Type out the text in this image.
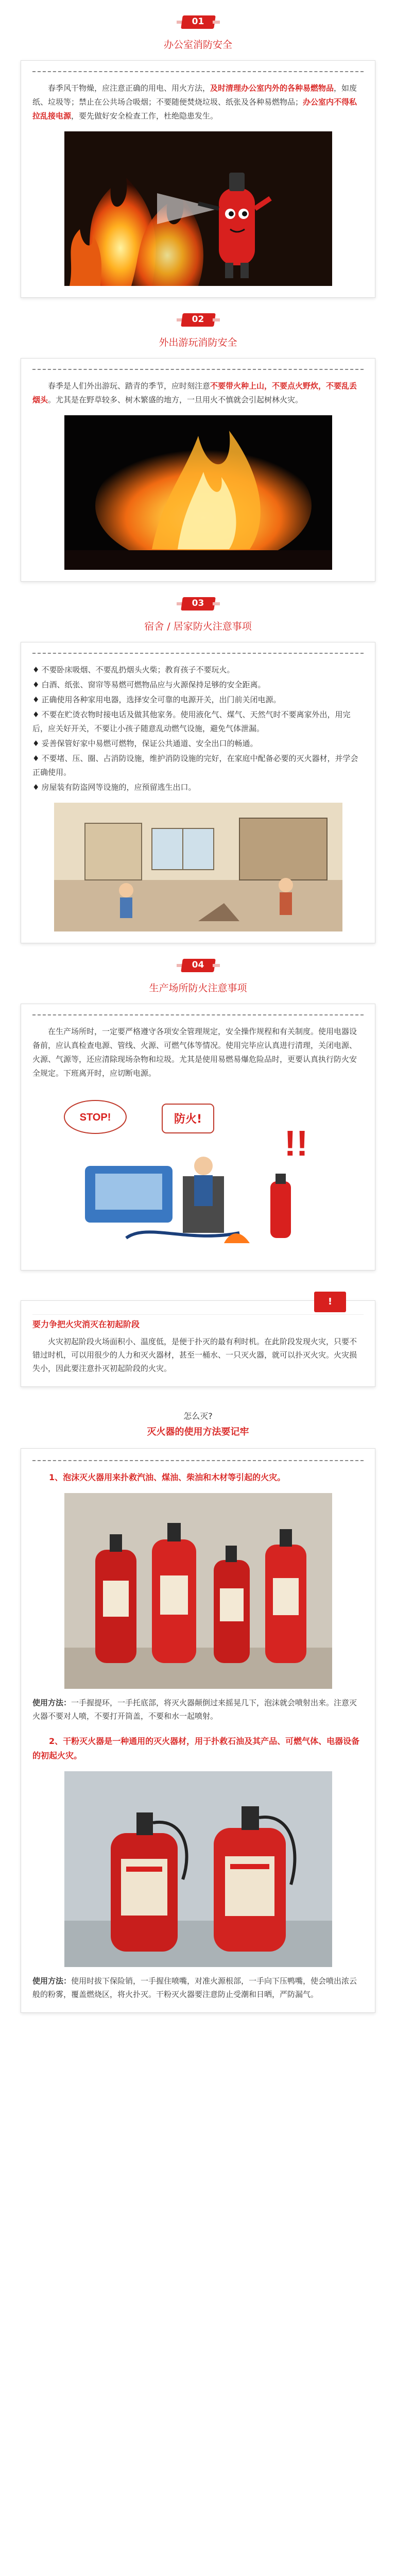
01
办公室消防安全

春季风干物燥，应注意正确的用电、用火方法，及时清理办公室内外的各种易燃物品，如废纸、垃圾等；禁止在公共场合吸烟；不要随便焚烧垃圾、纸张及各种易燃物品；办公室内不得私拉乱接电源，要先做好安全检查工作，杜绝隐患发生。

02
外出游玩消防安全

春季是人们外出游玩、踏青的季节，应时刻注意不要带火种上山，不要点火野炊，不要乱丢烟头。尤其是在野草较多、树木繁盛的地方，一旦用火不慎就会引起树林火灾。

03
宿舍 / 居家防火注意事项

♦ 不要卧床吸烟、不要乱扔烟头火柴；教育孩子不要玩火。

♦ 白酒、纸张、窗帘等易燃可燃物品应与火源保持足够的安全距离。

♦ 正确使用各种家用电器，选择安全可靠的电源开关，出门前关闭电源。

♦ 不要在贮烫衣物时接电话及做其他家务。使用液化气、煤气、天然气时不要离家外出，用完后，应关好开关，不要让小孩子随意乱动燃气设施，避免气体泄漏。

♦ 妥善保管好家中易燃可燃物，保证公共通道、安全出口的畅通。

♦ 不要堵、压、圈、占消防设施，维护消防设施的完好，在家庭中配备必要的灭火器材，并学会正确使用。

♦ 房屋装有防盗网等设施的，应预留逃生出口。

04
生产场所防火注意事项

在生产场所时，一定要严格遵守各项安全管理规定，安全操作规程和有关制度。使用电器设备前，应认真检查电源、管线、火源、可燃气体等情况。使用完毕应认真进行清理，关闭电源、火源、气源等，还应清除现场杂物和垃圾。尤其是使用易燃易爆危险品时，更要认真执行防火安全规定。下班离开时，应切断电源。

STOP!	防火!
!!
!
要力争把火灾消灭在初起阶段

火灾初起阶段火场面积小、温度低，是便于扑灭的最有利时机。在此阶段发现火灾，只要不错过时机，可以用很少的人力和灭火器材，甚至一桶水、一只灭火器，就可以扑灭火灾。火灾损失小，因此要注意扑灭初起阶段的火灾。

怎么灭?
灭火器的使用方法要记牢

1、泡沫灭火器用来扑救汽油、煤油、柴油和木材等引起的火灾。

使用方法：一手握提环，一手托底部，将灭火器颠倒过来摇晃几下，泡沫就会喷射出来。注意灭火器不要对人喷，不要打开筒盖，不要和水一起喷射。

2、干粉灭火器是一种通用的灭火器材，用于扑救石油及其产品、可燃气体、电器设备的初起火灾。

使用方法：使用时拔下保险销，一手握住喷嘴，对准火源根部，一手向下压鸭嘴，使会喷出浓云般的粉雾，覆盖燃烧区，将火扑灭。干粉灭火器要注意防止受潮和日晒，严防漏气。
